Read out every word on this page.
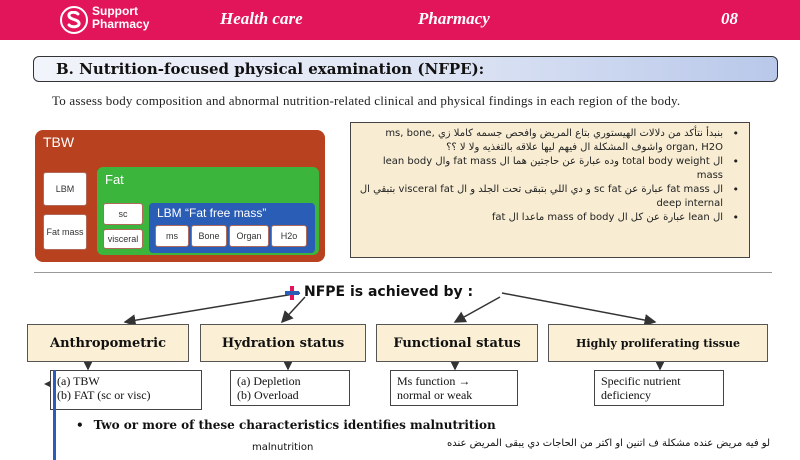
Support
Pharmacy	Health care	Pharmacy	08
B. Nutrition-focused physical examination (NFPE):
To assess body composition and abnormal nutrition-related clinical and physical findings in each region of the body.
TBW
LBM
Fat mass
Fat
sc
visceral
LBM “Fat free mass”
ms	Bone	Organ	H2o
• بنبدأ نتأكد من دلالات الهيستوري بتاع المريض وافحص جسمه كاملا زي ms, bone, organ, H2O واشوف المشكلة ال فيهم ليها علاقه بالتغذيه ولا لا ؟؟
• ال total body weight وده عبارة عن حاجتين هما ال fat mass وال lean body mass
• ال fat mass عبارة عن sc fat و دي اللي بتبقى تحت الجلد و ال visceral fat بتبقي ال deep internal
• ال lean عبارة عن كل ال mass of body ماعدا ال fat
NFPE is achieved by :
Anthropometric	Hydration status	Functional status	Highly proliferating tissue
(a) TBW
(b) FAT (sc or visc)
(a) Depletion
(b) Overload
Ms function →
normal or weak
Specific nutrient
deficiency
• Two or more of these characteristics identifies malnutrition
لو فيه مريض عنده مشكلة ف اتنين او اكتر من الحاجات دي يبقى المريض عنده
malnutrition
